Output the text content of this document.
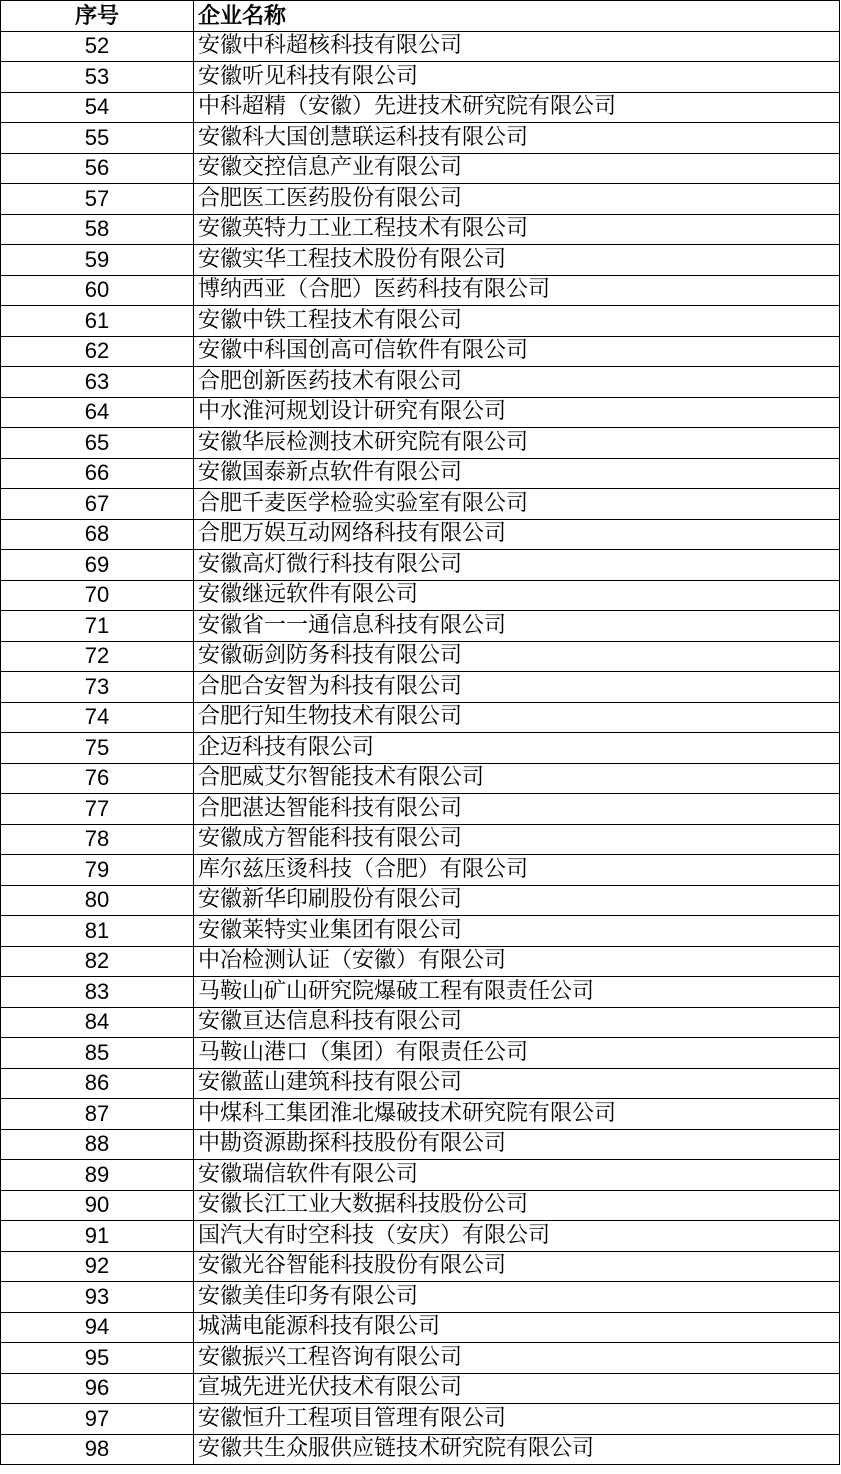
序号	企业名称
52	安徽中科超核科技有限公司
53	安徽听见科技有限公司
54	中科超精（安徽）先进技术研究院有限公司
55	安徽科大国创慧联运科技有限公司
56	安徽交控信息产业有限公司
57	合肥医工医药股份有限公司
58	安徽英特力工业工程技术有限公司
59	安徽实华工程技术股份有限公司
60	博纳西亚（合肥）医药科技有限公司
61	安徽中铁工程技术有限公司
62	安徽中科国创高可信软件有限公司
63	合肥创新医药技术有限公司
64	中水淮河规划设计研究有限公司
65	安徽华辰检测技术研究院有限公司
66	安徽国泰新点软件有限公司
67	合肥千麦医学检验实验室有限公司
68	合肥万娱互动网络科技有限公司
69	安徽高灯微行科技有限公司
70	安徽继远软件有限公司
71	安徽省一一通信息科技有限公司
72	安徽砺剑防务科技有限公司
73	合肥合安智为科技有限公司
74	合肥行知生物技术有限公司
75	企迈科技有限公司
76	合肥威艾尔智能技术有限公司
77	合肥湛达智能科技有限公司
78	安徽成方智能科技有限公司
79	库尔兹压烫科技（合肥）有限公司
80	安徽新华印刷股份有限公司
81	安徽莱特实业集团有限公司
82	中冶检测认证（安徽）有限公司
83	马鞍山矿山研究院爆破工程有限责任公司
84	安徽亘达信息科技有限公司
85	马鞍山港口（集团）有限责任公司
86	安徽蓝山建筑科技有限公司
87	中煤科工集团淮北爆破技术研究院有限公司
88	中勘资源勘探科技股份有限公司
89	安徽瑞信软件有限公司
90	安徽长江工业大数据科技股份公司
91	国汽大有时空科技（安庆）有限公司
92	安徽光谷智能科技股份有限公司
93	安徽美佳印务有限公司
94	城满电能源科技有限公司
95	安徽振兴工程咨询有限公司
96	宣城先进光伏技术有限公司
97	安徽恒升工程项目管理有限公司
98	安徽共生众服供应链技术研究院有限公司
